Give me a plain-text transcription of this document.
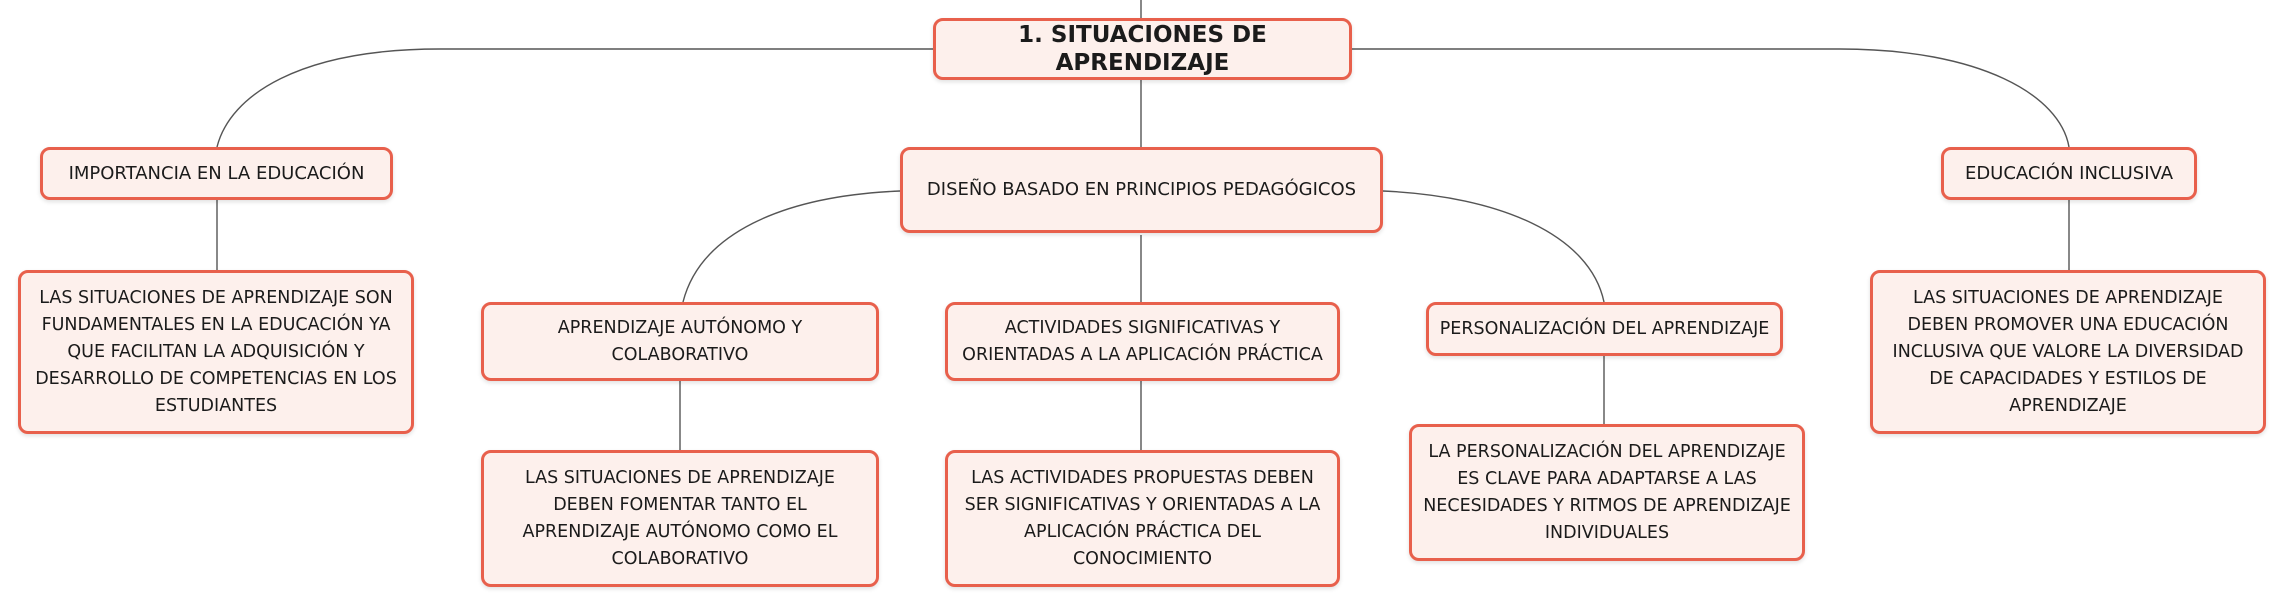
1. SITUACIONES DE APRENDIZAJE
IMPORTANCIA EN LA EDUCACIÓN
DISEÑO BASADO EN PRINCIPIOS PEDAGÓGICOS
EDUCACIÓN INCLUSIVA
LAS SITUACIONES DE APRENDIZAJE SON FUNDAMENTALES EN LA EDUCACIÓN YA QUE FACILITAN LA ADQUISICIÓN Y DESARROLLO DE COMPETENCIAS EN LOS ESTUDIANTES
LAS SITUACIONES DE APRENDIZAJE DEBEN PROMOVER UNA EDUCACIÓN INCLUSIVA QUE VALORE LA DIVERSIDAD DE CAPACIDADES Y ESTILOS DE APRENDIZAJE
APRENDIZAJE AUTÓNOMO Y COLABORATIVO
ACTIVIDADES SIGNIFICATIVAS Y ORIENTADAS A LA APLICACIÓN PRÁCTICA
PERSONALIZACIÓN DEL APRENDIZAJE
LA PERSONALIZACIÓN DEL APRENDIZAJE ES CLAVE PARA ADAPTARSE A LAS NECESIDADES Y RITMOS DE APRENDIZAJE INDIVIDUALES
LAS SITUACIONES DE APRENDIZAJE DEBEN FOMENTAR TANTO EL APRENDIZAJE AUTÓNOMO COMO EL COLABORATIVO
LAS ACTIVIDADES PROPUESTAS DEBEN SER SIGNIFICATIVAS Y ORIENTADAS A LA APLICACIÓN PRÁCTICA DEL CONOCIMIENTO
